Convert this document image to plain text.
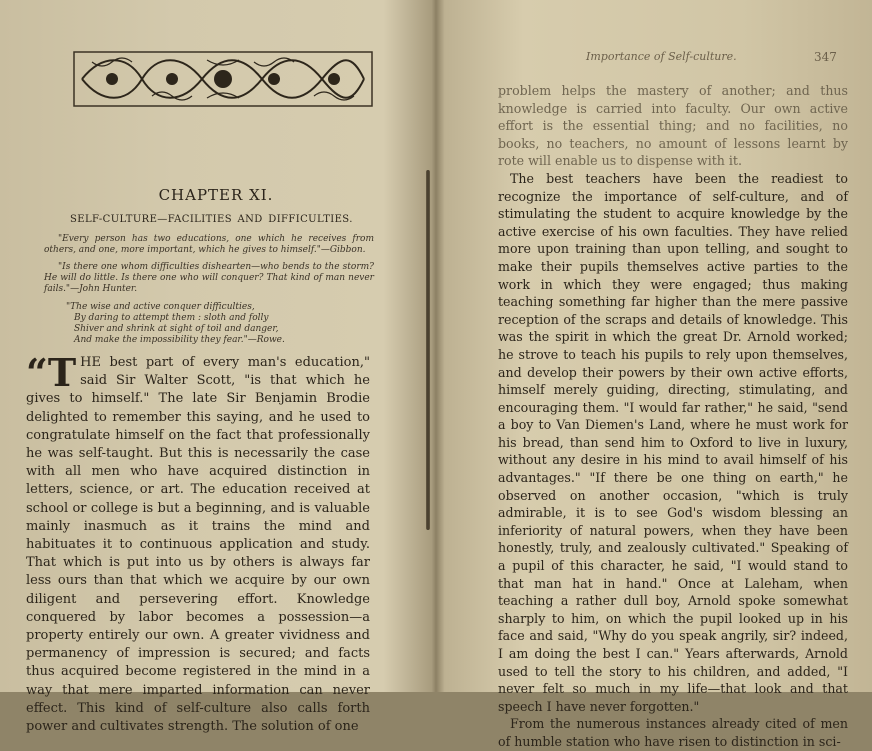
CHAPTER XI.
SELF-CULTURE—FACILITIES AND DIFFICULTIES.

"Every person has two educations, one which he receives from others, and one, more important, which he gives to himself."—Gibbon.

"Is there one whom difficulties dishearten—who bends to the storm? He will do little. Is there one who will conquer? That kind of man never fails."—John Hunter.

"The wise and active conquer difficulties,

By daring to attempt them : sloth and folly

Shiver and shrink at sight of toil and danger,

And make the impossibility they fear."—Rowe.

“T HE best part of every man's education," said Sir Walter Scott, "is that which he gives to himself." The late Sir Benjamin Brodie delighted to remember this saying, and he used to congratulate himself on the fact that professionally he was self-taught. But this is necessarily the case with all men who have acquired distinction in letters, science, or art. The education received at school or college is but a beginning, and is valuable mainly inasmuch as it trains the mind and habituates it to continuous application and study. That which is put into us by others is always far less ours than that which we acquire by our own diligent and persevering effort. Knowledge conquered by labor becomes a possession—a property entirely our own. A greater vividness and permanency of impression is secured; and facts thus acquired become registered in the mind in a way that mere imparted information can never effect. This kind of self-culture also calls forth power and cultivates strength. The solution of one

Importance of Self-culture.	347

problem helps the mastery of another; and thus knowledge is carried into faculty. Our own active effort is the essential thing; and no facilities, no books, no teachers, no amount of lessons learnt by rote will enable us to dispense with it.

The best teachers have been the readiest to recognize the importance of self-culture, and of stimulating the student to acquire knowledge by the active exercise of his own faculties. They have relied more upon training than upon telling, and sought to make their pupils themselves active parties to the work in which they were engaged; thus making teaching something far higher than the mere passive reception of the scraps and details of knowledge. This was the spirit in which the great Dr. Arnold worked; he strove to teach his pupils to rely upon themselves, and develop their powers by their own active efforts, himself merely guiding, directing, stimulating, and encouraging them. "I would far rather," he said, "send a boy to Van Diemen's Land, where he must work for his bread, than send him to Oxford to live in luxury, without any desire in his mind to avail himself of his advantages." "If there be one thing on earth," he observed on another occasion, "which is truly admirable, it is to see God's wisdom blessing an inferiority of natural powers, when they have been honestly, truly, and zealously cultivated." Speaking of a pupil of this character, he said, "I would stand to that man hat in hand." Once at Laleham, when teaching a rather dull boy, Arnold spoke somewhat sharply to him, on which the pupil looked up in his face and said, "Why do you speak angrily, sir? indeed, I am doing the best I can." Years afterwards, Arnold used to tell the story to his children, and added, "I never felt so much in my life—that look and that speech I have never forgotten."

From the numerous instances already cited of men of humble station who have risen to distinction in sci-
